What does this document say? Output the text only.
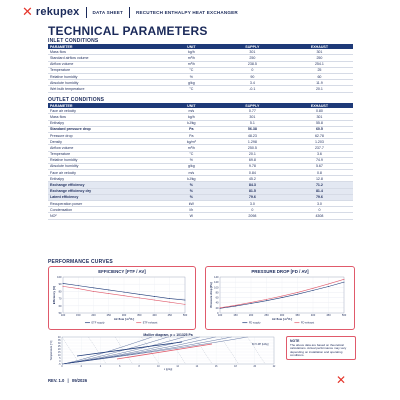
✕ rekupex	DATA SHEET	RECUTECH ENTHALPY HEAT EXCHANGER
TECHNICAL PARAMETERS
INLET CONDITIONS
PARAMETER	UNIT	SUPPLY	EXHAUST
Mass flow	kg/h	301	301
Standard airflow volume	m³/h	250	250
Airflow volume	m³/h	238.5	254.1
Temperature	°C	0	25
Relative humidity	%	90	60
Absolute humidity	g/kg	3.4	11.9
Wet bulb temperature	°C	-0.1	20.1
OUTLET CONDITIONS
PARAMETER	UNIT	SUPPLY	EXHAUST
Face air velocity	m/s	0.77	0.80
Mass flow	kg/h	301	301
Enthalpy	kJ/kg	5.1	55.8
Standard pressure drop	Pa	56.38	60.5
Pressure drop	Pa	48.23	62.78
Density	kg/m³	1.298	1.203
Airflow volume	m³/h	250.5	237.7
Temperature	°C	20.1	3.6
Relative humidity	%	69.8	74.9
Absolute humidity	g/kg	9.78	5.67
Face air velocity	m/s	0.84	0.8
Enthalpy	kJ/kg	45.2	12.8
Exchange efficiency	%	84.3	71.2
Exchange efficiency dry	%	81.5	81.4
Latent efficiency	%	79.6	79.6
Recuperation power	kW	3.0	3.0
Condensation	l/h	0	0
NO²	W	2098	4308
PERFORMANCE CURVES
EFFICIENCY [FTF / AV]
100
90
80
70
60
50
100	150	200	250	300	350	400	450	500
Air flow [ m³/h ]
Efficiency [%]
ETF supply	ETF exhaust
PRESSURE DROP [FD / AV]
140
120
100
80
60
40
20
0
100	150	200	250	300	350	400	450	500
Air flow [ m³/h ]
Pressure drop [Pa]
FD supply	FD exhaust
Mollier diagram, p = 101325 Pa
40
35
30
25
20
15
10
5
0
-5
0	2	4	6	8	10	12	14	16	18	20	22
80 % RH [kJ/kg]
x [g/kg]
Temperature [°C]	NOTE
The above data are based on theoretical calculations. Actual performance may vary depending on installation and operating conditions.
REV. 1.0 | 09/2026	✕
